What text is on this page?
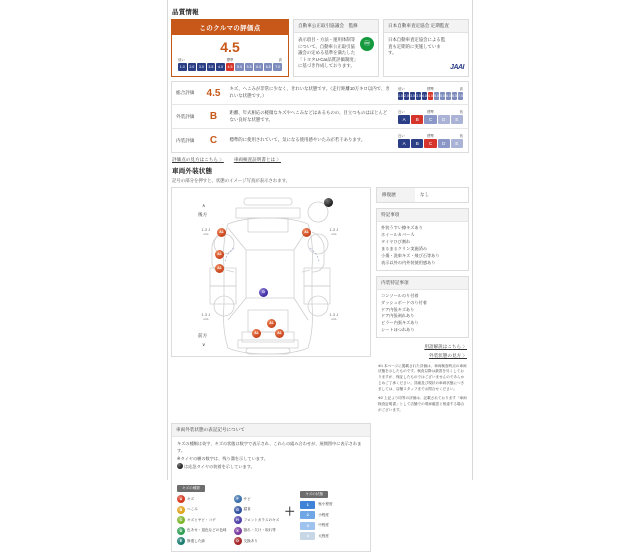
品質情報
このクルマの評価点
4.5
低い	標準	高
1.0	2.0	3.0	3.5	4.0	4.5	5.0	5.5	6.0	6.5	7.0
自動車公正取引協議会　監修
♾
表示項目・方法・運用体制等について、自動車公正取引協議会の定める基準を満たした「トヨタU-Car品質評価制度」に基づき作成しております。
日本自動車査定協会 定期監査
日本自動車査定協会による監査も定期的に実施しています。
JAAI
総合評価	4.5	キズ、へこみが非常に少なく、きれいな状態です。（走行距離10万キロ以内で、きれいな状態です。）	
低い	標準	高
1.0 2.0 3.0 3.5 4.0 4.5 5.0 5.5 6.0 6.5 7.0

外装評価	B	距離、年式相応の軽微なキズやへこみなどはあるものの、目立つものはほとんどない良好な状態です。	
良い	標準	低
A	B	C	D	E

内装評価	C	標準的に使用されていて、気になる使用感やいたみが若干あります。	
良い	標準	低
A	B	C	D	E
評価点の見方はこちら 〉 車両検査証明書とは 〉
車両外装状態
記号の部分を押すと、状態のイメージ写真が表示されます。
∧
後方
前方
∨
1.3 J
mm
1.3 J
mm
1.3 J
mm
1.3 J
mm
A1	A1
A1
A1
G
A1
A1	A1
修復歴	なし
特記事項
外装うすい擦キズあり
ホイールカバーＡ
タイヤひび割れ
まるまるクリン実施済み
小傷・洗車キズ・飛び石等あり
表示以外の内外装使用感あり
内装特記事項
コンソールのり付着
ダッシュボードのり付着
ドア内張キズあり
ドア内張剥れあり
ピラー内張キズあり
シートほつれあり
用語解説はこちら 〉
外装状態の見方 〉

※1 本ページに掲載された評価は、車両検査時点の車両状態を示したものです。検査以降は最善を尽くしておりますが、保証したものではございませんのであらかじめご了承ください。詳細及び現状の車両状態につきましては、店舗スタッフまでお問合せください。

※2 上記より同等の評価は、記載されております「車両検査証明書」として店舗での現車確認と相違する場合がございます。

車両外装状態の表記記号について

キズの種類は英字、キズの状態は数字で表示され、これらの組み合わせが、展開図中に表示されます。

※タイヤの横の数字は、残り溝を示しています。

は応急タイヤの装着を示しています。

キズの種類
A	キズ
B	へこみ
C	キズとサビ・コゲ
D	色あせ・退色などの色味
E	修復した跡
F	サビ
G	腐食
H	フロントガラスのキズ
X	割れ・欠け・取れ等
O	交換あり
＋
キズの状態
1	極小程度
2	小程度
3	中程度
4	大程度
